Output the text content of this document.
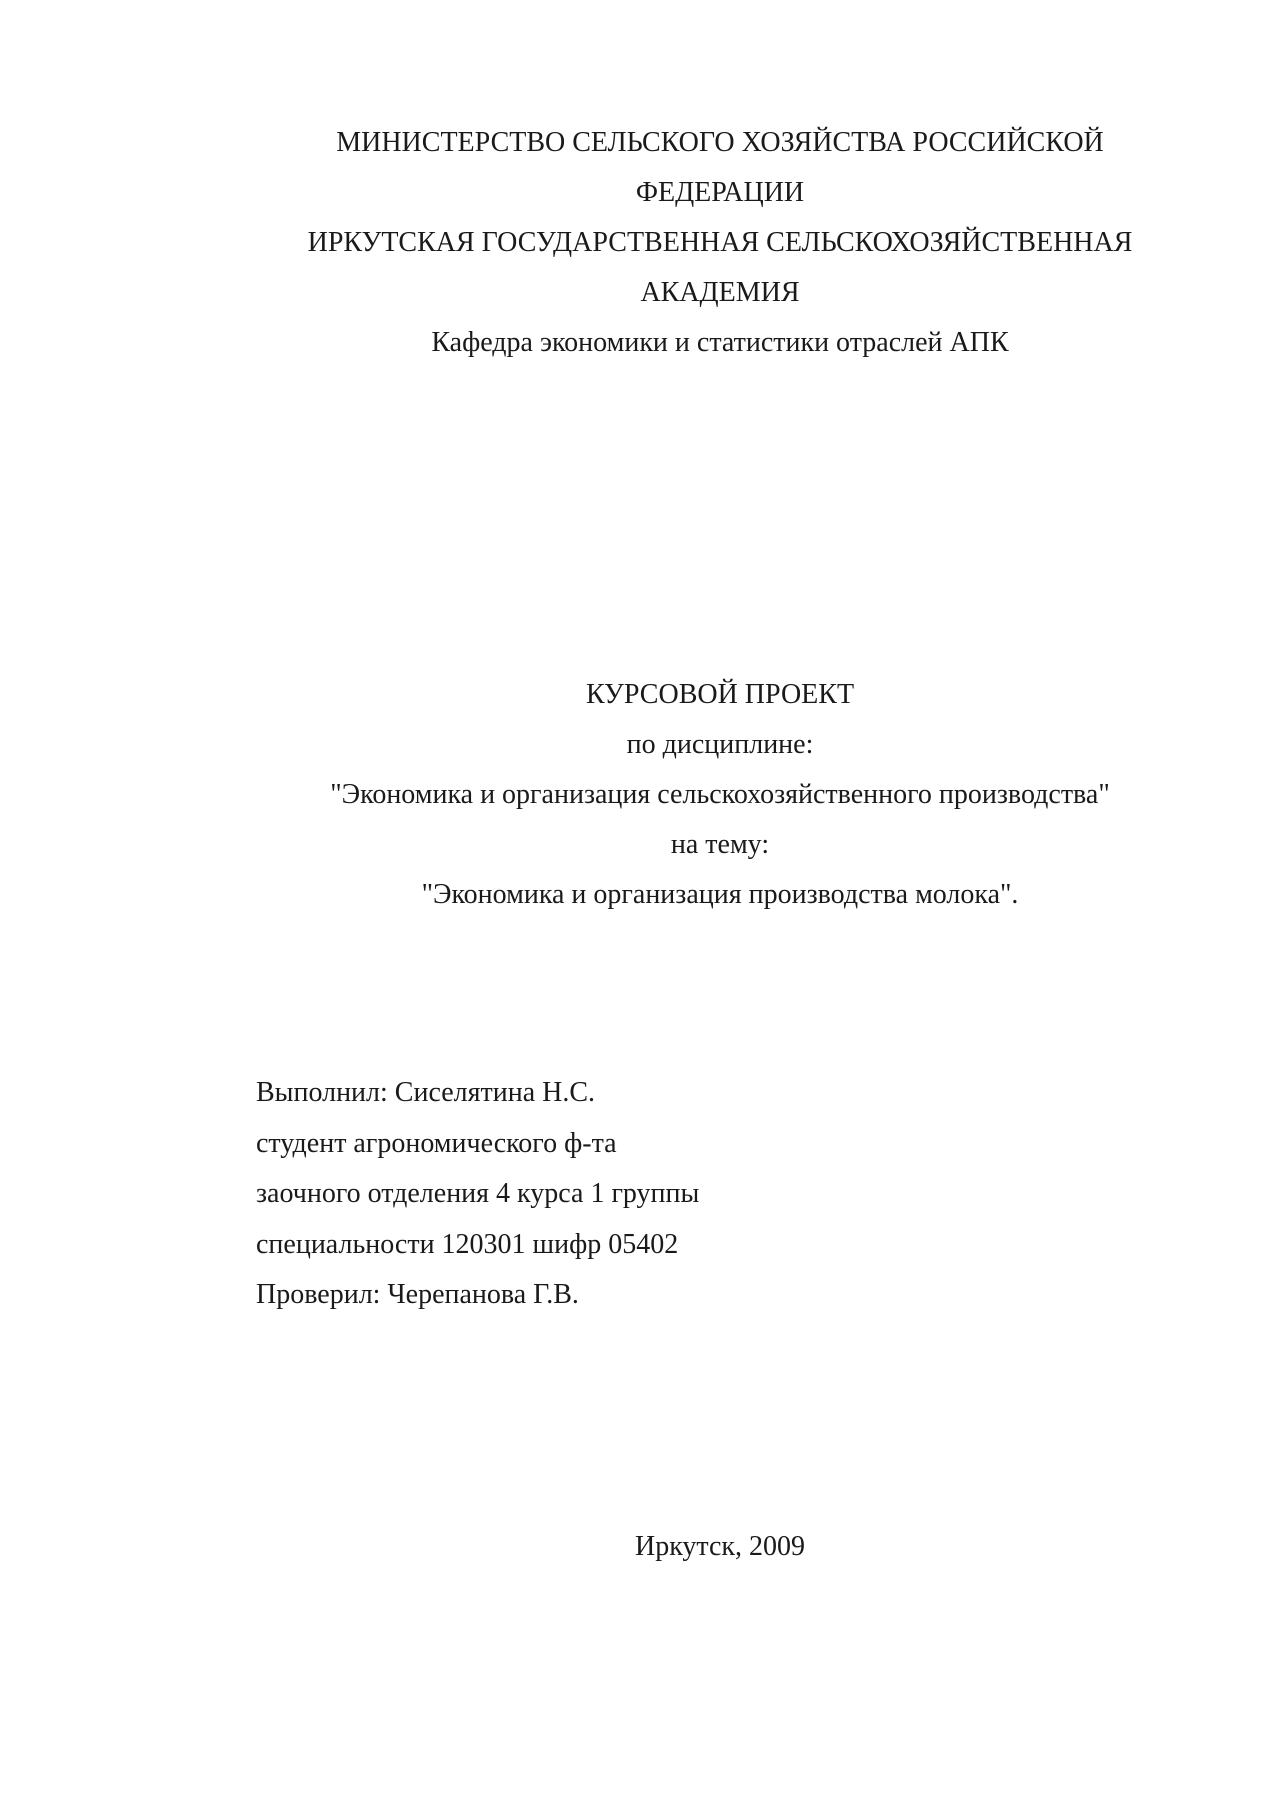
МИНИСТЕРСТВО СЕЛЬСКОГО ХОЗЯЙСТВА РОССИЙСКОЙ
ФЕДЕРАЦИИ
ИРКУТСКАЯ ГОСУДАРСТВЕННАЯ СЕЛЬСКОХОЗЯЙСТВЕННАЯ
АКАДЕМИЯ
Кафедра экономики и статистики отраслей АПК
КУРСОВОЙ ПРОЕКТ
по дисциплине:
"Экономика и организация сельскохозяйственного производства"
на тему:
"Экономика и организация производства молока".
Выполнил: Сиселятина Н.С.
студент агрономического ф-та
заочного отделения 4 курса 1 группы
специальности 120301 шифр 05402
Проверил: Черепанова Г.В.
Иркутск, 2009
